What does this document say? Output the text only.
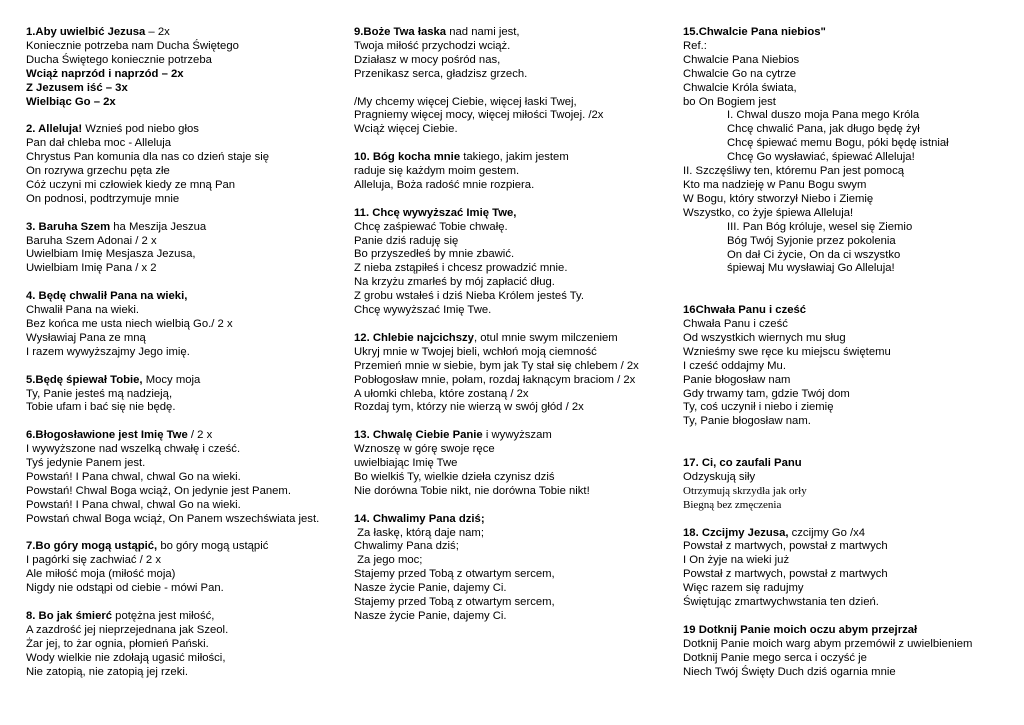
1.Aby uwielbić Jezusa – 2x
Koniecznie potrzeba nam Ducha Świętego
Ducha Świętego koniecznie potrzeba
Wciąż naprzód i naprzód – 2x
Z Jezusem iść – 3x
Wielbiąc Go – 2x
2. Alleluja! Wznieś pod niebo głos
Pan dał chleba moc - Alleluja
Chrystus Pan komunia dla nas co dzień staje się
On rozrywa grzechu pęta złe
Cóż uczyni mi człowiek kiedy ze mną Pan
On podnosi, podtrzymuje mnie
3. Baruha Szem ha Meszija Jeszua
Baruha Szem Adonai / 2 x
Uwielbiam Imię Mesjasza Jezusa,
Uwielbiam Imię Pana / x 2
4. Będę chwalił Pana na wieki,
Chwalił Pana na wieki.
Bez końca me usta niech wielbią Go./ 2 x
Wysławiaj Pana ze mną
I razem wywyższajmy Jego imię.
5.Będę śpiewał Tobie, Mocy moja
Ty, Panie jesteś mą nadzieją,
Tobie ufam i bać się nie będę.
6.Błogosławione jest Imię Twe / 2 x
I wywyższone nad wszelką chwałę i cześć.
Tyś jedynie Panem jest.
Powstań! I Pana chwal, chwal Go na wieki.
Powstań! Chwal Boga wciąż, On jedynie jest Panem.
Powstań! I Pana chwal, chwal Go na wieki.
Powstań chwal Boga wciąż, On Panem wszechświata jest.
7.Bo góry mogą ustąpić, bo góry mogą ustąpić
I pagórki się zachwiać / 2 x
Ale miłość moja (miłość moja)
Nigdy nie odstąpi od ciebie - mówi Pan.
8. Bo jak śmierć potężna jest miłość,
A zazdrość jej nieprzejednana jak Szeol.
Żar jej, to żar ognia, płomień Pański.
Wody wielkie nie zdołają ugasić miłości,
Nie zatopią, nie zatopią jej rzeki.
9.Boże Twa łaska nad nami jest,
Twoja miłość przychodzi wciąż.
Działasz w mocy pośród nas,
Przenikasz serca, gładzisz grzech.

/My chcemy więcej Ciebie, więcej łaski Twej,
Pragniemy więcej mocy, więcej miłości Twojej. /2x
Wciąż więcej Ciebie.
10. Bóg kocha mnie takiego, jakim jestem
raduje się każdym moim gestem.
Alleluja, Boża radość mnie rozpiera.
11. Chcę wywyższać Imię Twe,
Chcę zaśpiewać Tobie chwałę.
Panie dziś raduję się
Bo przyszedłeś by mnie zbawić.
Z nieba zstąpiłeś i chcesz prowadzić mnie.
Na krzyżu zmarłeś by mój zapłacić dług.
Z grobu wstałeś i dziś Nieba Królem jesteś Ty.
Chcę wywyższać Imię Twe.
12. Chlebie najcichszy, otul mnie swym milczeniem
Ukryj mnie w Twojej bieli, wchłoń moją ciemność
Przemień mnie w siebie, bym jak Ty stał się chlebem / 2x
Pobłogosław mnie, połam, rozdaj łaknącym braciom / 2x
A ułomki chleba, które zostaną / 2x
Rozdaj tym, którzy nie wierzą w swój głód / 2x
13. Chwalę Ciebie Panie i wywyższam
Wznoszę w górę swoje ręce
uwielbiając Imię Twe
Bo wielkiś Ty, wielkie dzieła czynisz dziś
Nie dorówna Tobie nikt, nie dorówna Tobie nikt!
14. Chwalimy Pana dziś;
Za łaskę, którą daje nam;
Chwalimy Pana dziś;
Za jego moc;
Stajemy przed Tobą z otwartym sercem,
Nasze życie Panie, dajemy Ci.
Stajemy przed Tobą z otwartym sercem,
Nasze życie Panie, dajemy Ci.
15.Chwalcie Pana niebios"
Ref.:
Chwalcie Pana Niebios
Chwalcie Go na cytrze
Chwalcie Króla świata,
bo On Bogiem jest
I. Chwal duszo moja Pana mego Króla
Chcę chwalić Pana, jak długo będę żył
Chcę śpiewać memu Bogu, póki będę istniał
Chcę Go wysławiać, śpiewać Alleluja!
II. Szczęśliwy ten, któremu Pan jest pomocą
Kto ma nadzieję w Panu Bogu swym
W Bogu, który stworzył Niebo i Ziemię
Wszystko, co żyje śpiewa Alleluja!
III. Pan Bóg króluje, wesel się Ziemio
Bóg Twój Syjonie przez pokolenia
On dał Ci życie, On da ci wszystko
śpiewaj Mu wysławiaj Go Alleluja!
16Chwała Panu i cześć
Chwała Panu i cześć
Od wszystkich wiernych mu sług
Wznieśmy swe ręce ku miejscu świętemu
I cześć oddajmy Mu.
Panie błogosław nam
Gdy trwamy tam, gdzie Twój dom
Ty, coś uczynił i niebo i ziemię
Ty, Panie błogosław nam.
17. Ci, co zaufali Panu
Odzyskują siły
Otrzymują skrzydła jak orły
Biegną bez zmęczenia
18. Czcijmy Jezusa, czcijmy Go /x4
Powstał z martwych, powstał z martwych
I On żyje na wieki już
Powstał z martwych, powstał z martwych
Więc razem się radujmy
Świętując zmartwychwstania ten dzień.
19 Dotknij Panie moich oczu abym przejrzał
Dotknij Panie moich warg abym przemówił z uwielbieniem
Dotknij Panie mego serca i oczyść je
Niech Twój Święty Duch dziś ogarnia mnie
